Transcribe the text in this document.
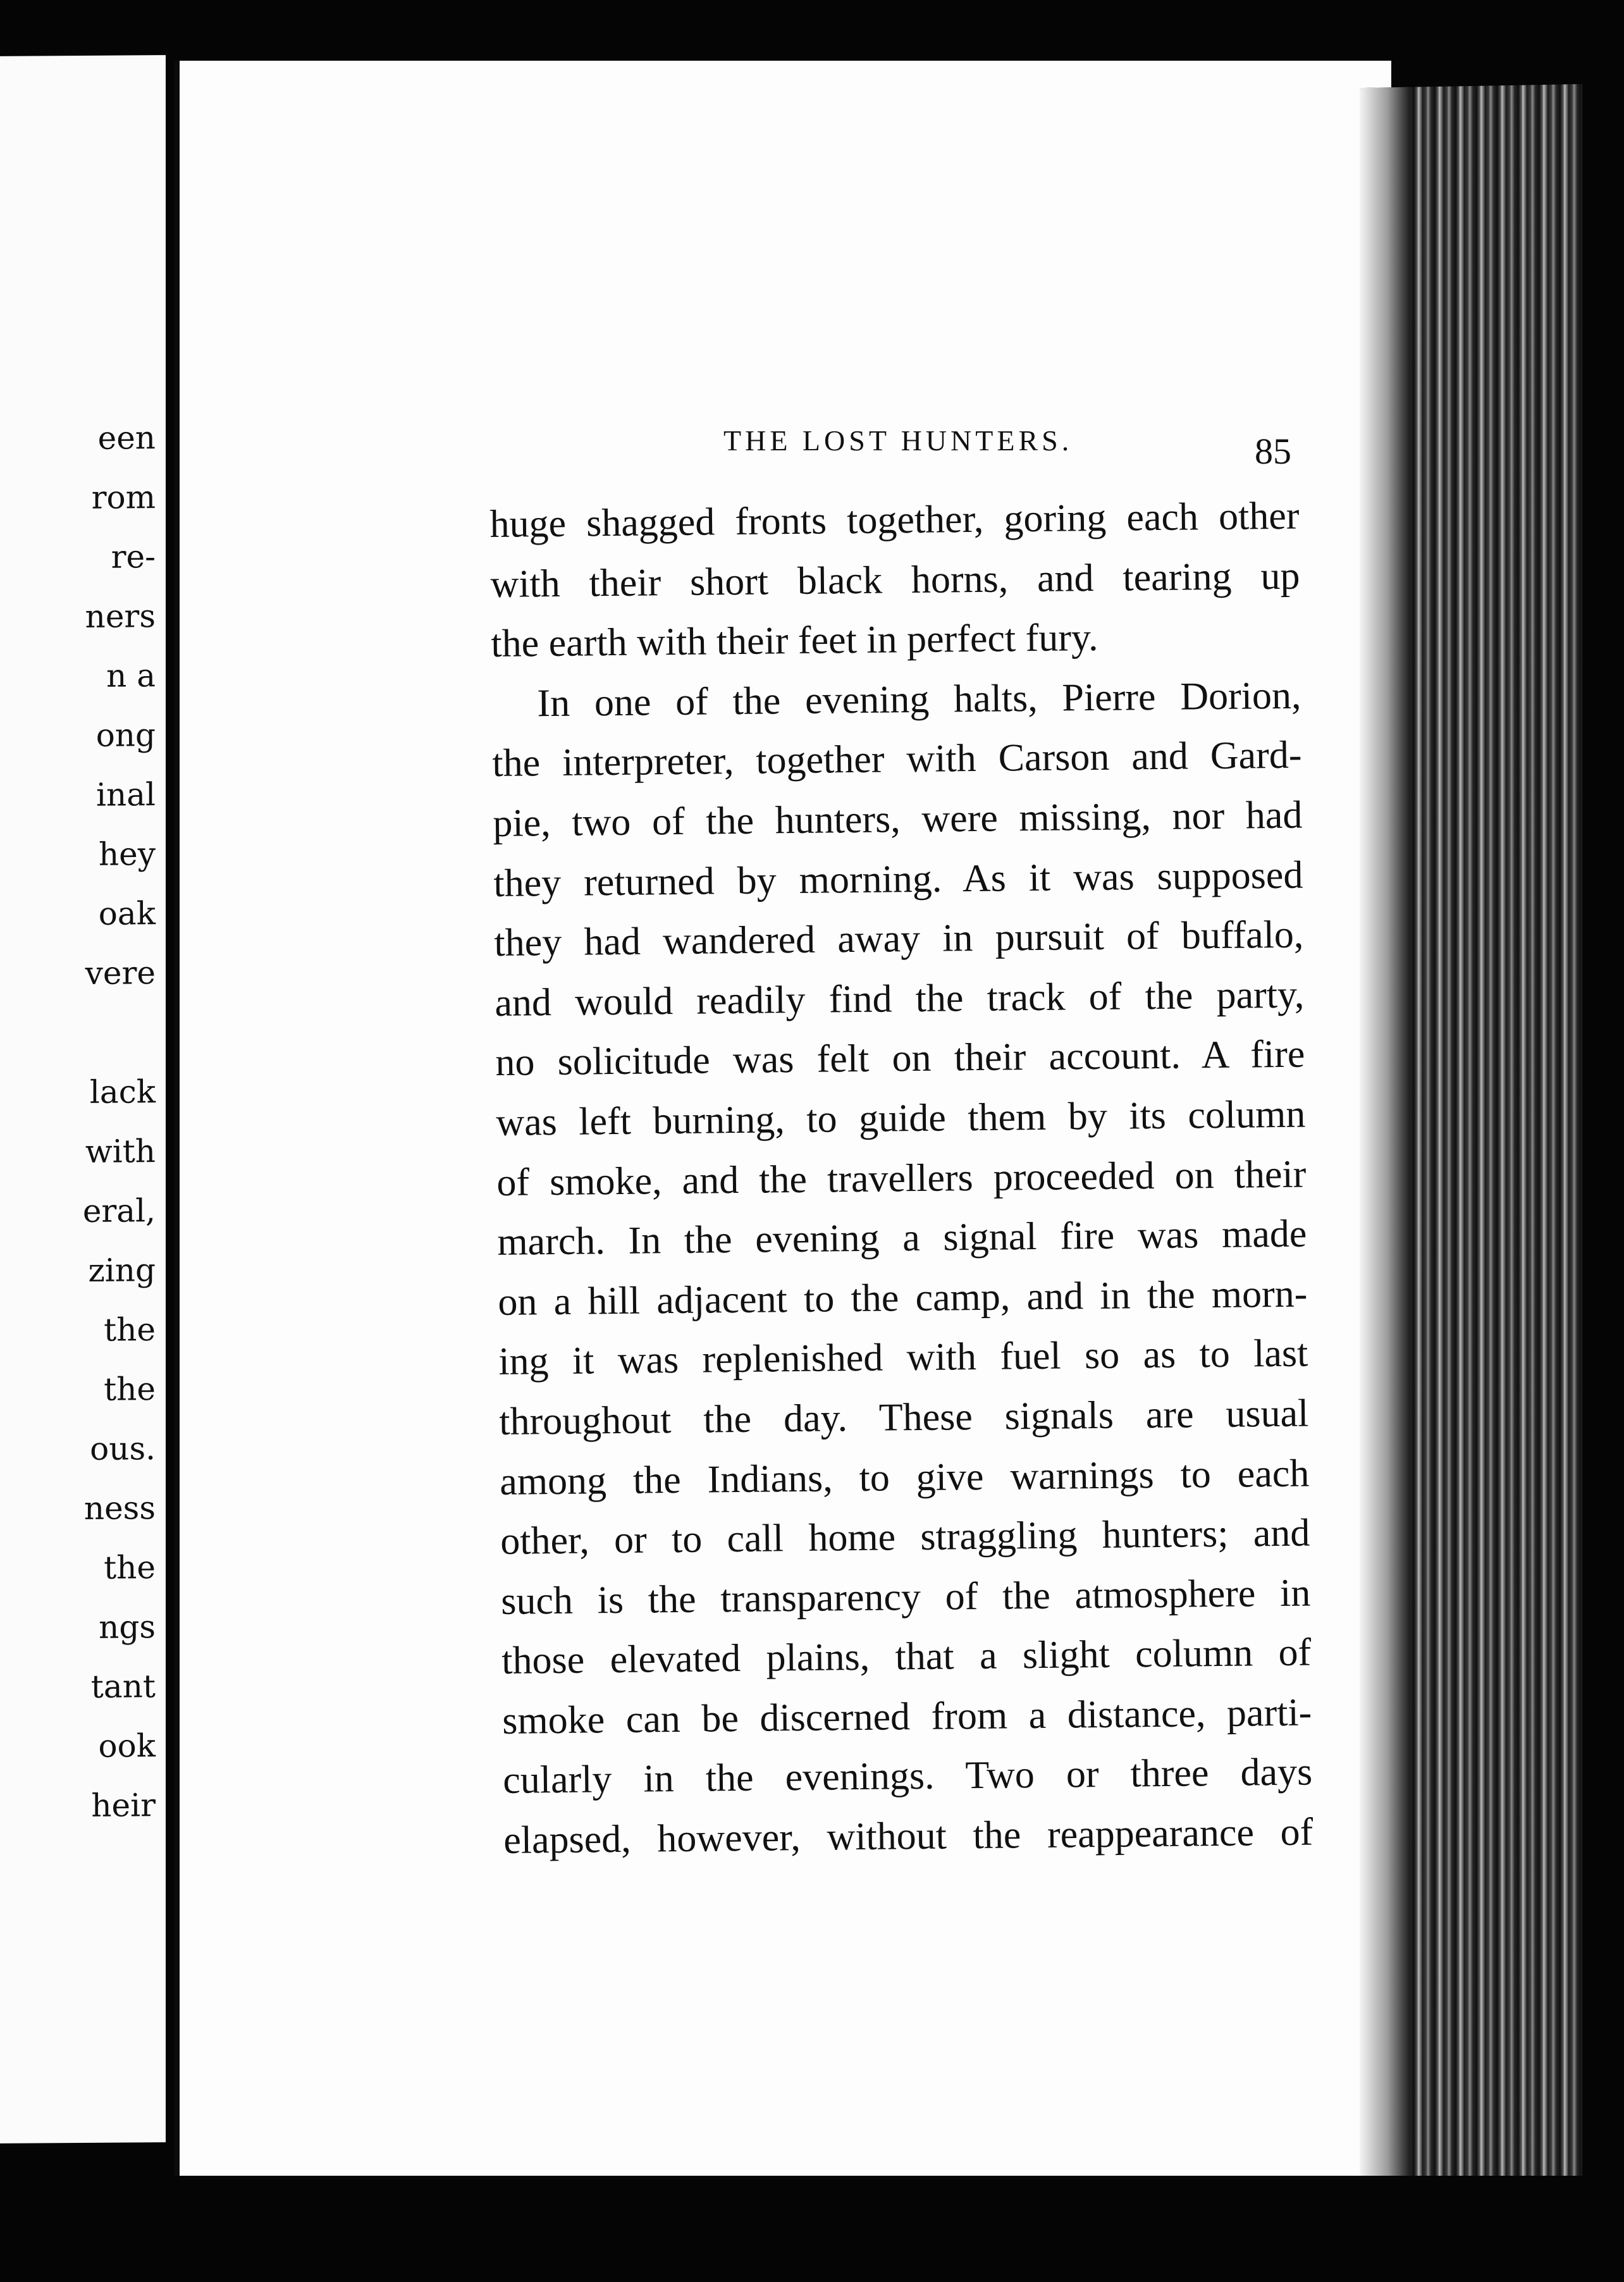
een
rom
re-
ners
n a
ong
inal
hey
oak
vere
lack
with
eral,
zing
the
the
ous.
ness
the
ngs
tant
ook
heir
THE LOST HUNTERS.	85
huge shagged fronts together, goring each other
with their short black horns, and tearing up
the earth with their feet in perfect fury.
In one of the evening halts, Pierre Dorion,
the interpreter, together with Carson and Gard-
pie, two of the hunters, were missing, nor had
they returned by morning. As it was supposed
they had wandered away in pursuit of buffalo,
and would readily find the track of the party,
no solicitude was felt on their account. A fire
was left burning, to guide them by its column
of smoke, and the travellers proceeded on their
march. In the evening a signal fire was made
on a hill adjacent to the camp, and in the morn-
ing it was replenished with fuel so as to last
throughout the day. These signals are usual
among the Indians, to give warnings to each
other, or to call home straggling hunters; and
such is the transparency of the atmosphere in
those elevated plains, that a slight column of
smoke can be discerned from a distance, parti-
cularly in the evenings. Two or three days
elapsed, however, without the reappearance of
